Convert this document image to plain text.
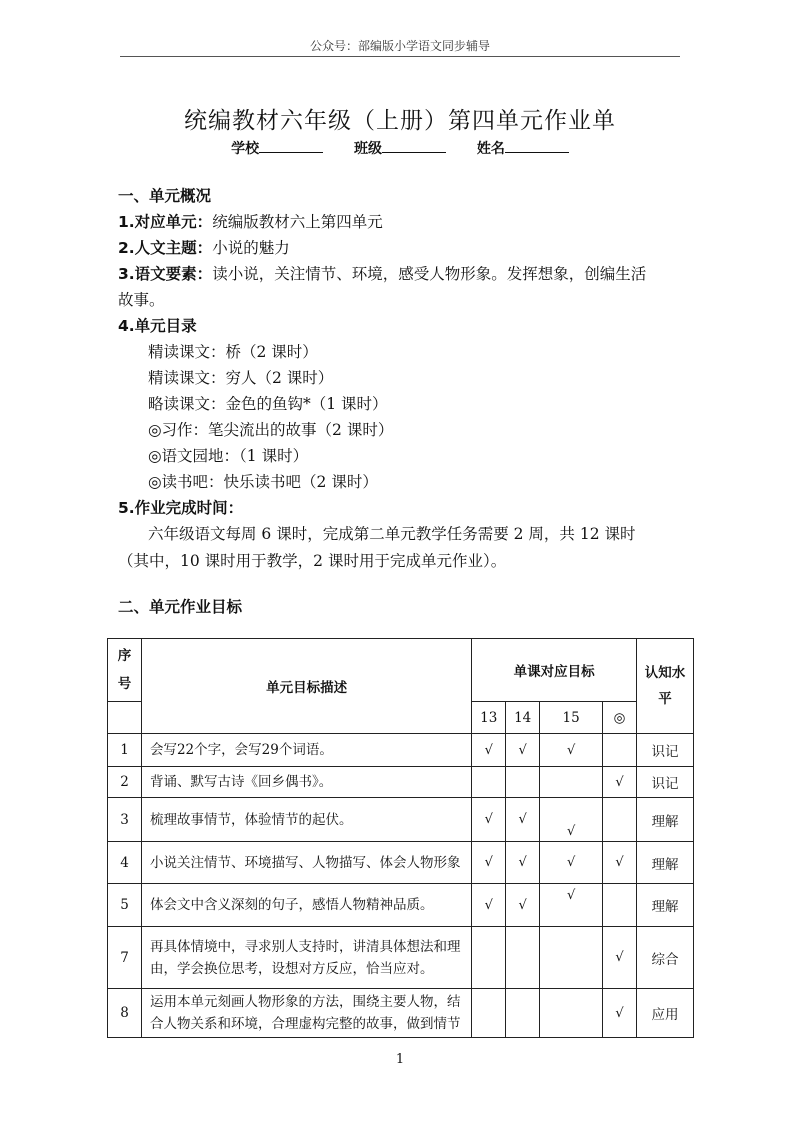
公众号：部编版小学语文同步辅导
统编教材六年级（上册）第四单元作业单
学校	班级	姓名
一、单元概况
1.对应单元：统编版教材六上第四单元
2.人文主题：小说的魅力
3.语文要素：读小说，关注情节、环境，感受人物形象。发挥想象，创编生活
故事。
4.单元目录
精读课文：桥（2 课时）
精读课文：穷人（2 课时）
略读课文：金色的鱼钩*（1 课时）
◎习作：笔尖流出的故事（2 课时）
◎语文园地：（1 课时）
◎读书吧：快乐读书吧（2 课时）
5.作业完成时间：
六年级语文每周 6 课时，完成第二单元教学任务需要 2 周，共 12 课时
（其中，10 课时用于教学，2 课时用于完成单元作业）。
二、单元作业目标
序号	单元目标描述	单课对应目标				认知水平
		13	14	15	◎	
1	会写22个字，会写29个词语。	√	√	√		识记
2	背诵、默写古诗《回乡偶书》。				√	识记
3	梳理故事情节，体验情节的起伏。	√	√	√		理解
4	小说关注情节、环境描写、人物描写、体会人物形象	√	√	√	√	理解
5	体会文中含义深刻的句子，感悟人物精神品质。	√	√	√		理解
7	再具体情境中，寻求别人支持时，讲清具体想法和理
由，学会换位思考，设想对方反应，恰当应对。				√	综合
8	运用本单元刻画人物形象的方法，围绕主要人物，结
合人物关系和环境，合理虚构完整的故事，做到情节				√	应用
1
